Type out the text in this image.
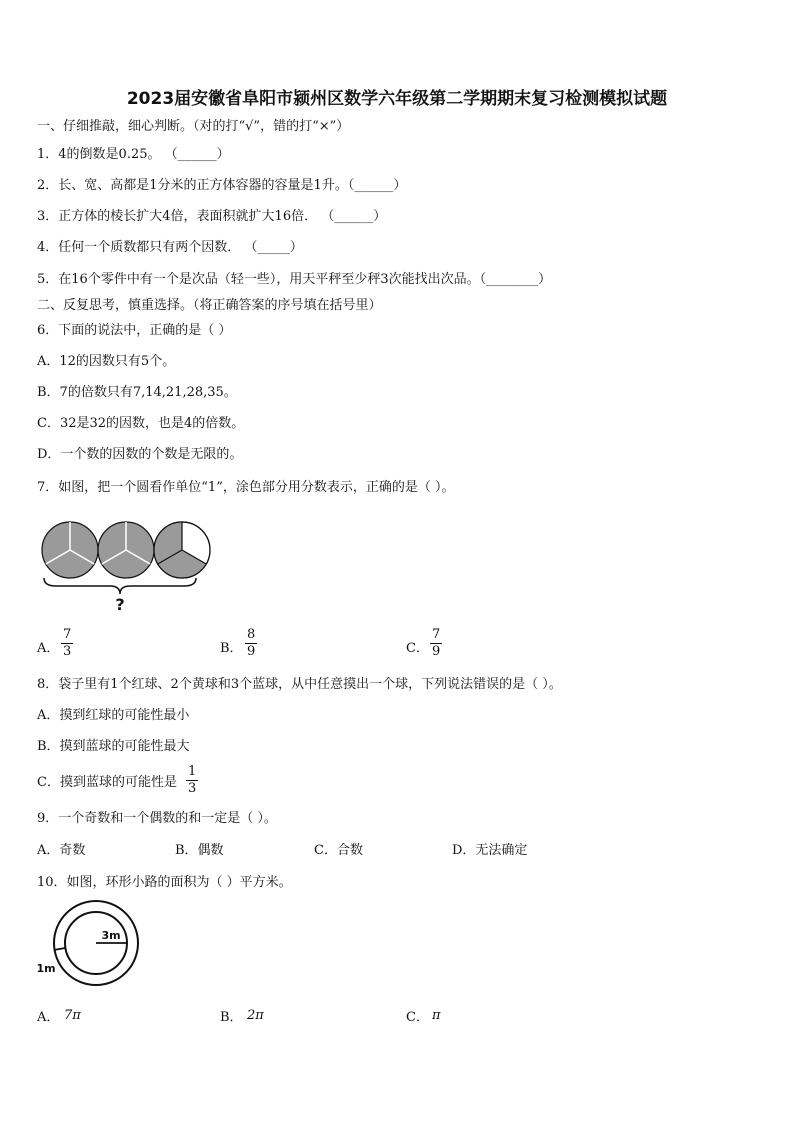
2023届安徽省阜阳市颍州区数学六年级第二学期期末复习检测模拟试题
一、仔细推敲，细心判断。（对的打“√”，错的打“×”）
1．4的倒数是0.25。 （______）
2．长、宽、高都是1分米的正方体容器的容量是1升。（______）
3．正方体的棱长扩大4倍，表面积就扩大16倍． （______）
4．任何一个质数都只有两个因数． （_____）
5．在16个零件中有一个是次品（轻一些），用天平秤至少秤3次能找出次品。（________）
二、反复思考，慎重选择。（将正确答案的序号填在括号里）
6．下面的说法中，正确的是（ ）
A．12的因数只有5个。
B．7的倍数只有7,14,21,28,35。
C．32是32的因数，也是4的倍数。
D．一个数的因数的个数是无限的。
7．如图，把一个圆看作单位“1”，涂色部分用分数表示，正确的是（ ）。
?
A． $\frac{7}{3}$	B． $\frac{8}{9}$	C． $\frac{7}{9}$
8．袋子里有1个红球、2个黄球和3个蓝球，从中任意摸出一个球，下列说法错误的是（ ）。
A．摸到红球的可能性最小
B．摸到蓝球的可能性最大
C．摸到蓝球的可能性是 $\frac{1}{3}$
9．一个奇数和一个偶数的和一定是（ ）。
A．奇数	B．偶数	C．合数	D．无法确定
10．如图，环形小路的面积为（ ）平方米。
3m
1m
A． 7π	B． 2π	C． π
